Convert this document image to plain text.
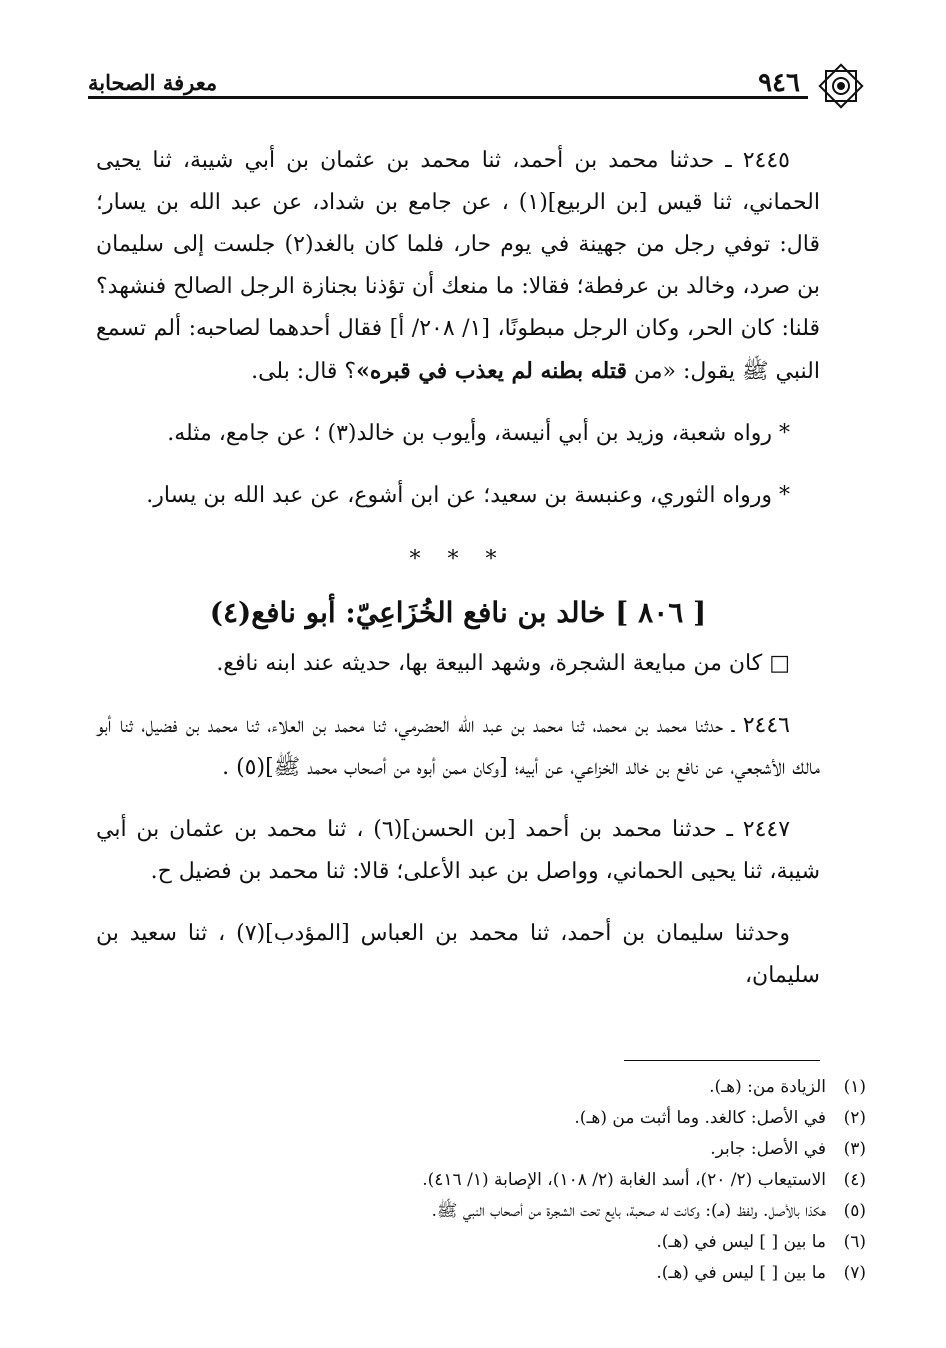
٩٤٦
معرفة الصحابة

٢٤٤٥ ـ حدثنا محمد بن أحمد، ثنا محمد بن عثمان بن أبي شيبة، ثنا يحيى الحماني، ثنا قيس [بن الربيع](١) ، عن جامع بن شداد، عن عبد الله بن يسار؛ قال: توفي رجل من جهينة في يوم حار، فلما كان بالغد(٢) جلست إلى سليمان بن صرد، وخالد بن عرفطة؛ فقالا: ما منعك أن تؤذنا بجنازة الرجل الصالح فنشهد؟ قلنا: كان الحر، وكان الرجل مبطونًا، [١/ ٢٠٨/ أ] فقال أحدهما لصاحبه: ألم تسمع النبي ﷺ يقول: «من قتله بطنه لم يعذب في قبره»؟ قال: بلى.

* رواه شعبة، وزيد بن أبي أنيسة، وأيوب بن خالد(٣) ؛ عن جامع، مثله.

* ورواه الثوري، وعنبسة بن سعيد؛ عن ابن أشوع، عن عبد الله بن يسار.

* * *

[ ٨٠٦ ] خالد بن نافع الخُزَاعِيّ: أبو نافع(٤)

□ كان من مبايعة الشجرة، وشهد البيعة بها، حديثه عند ابنه نافع.

٢٤٤٦ ـ حدثنا محمد بن محمد، ثنا محمد بن عبد الله الحضرمي، ثنا محمد بن العلاء، ثنا محمد بن فضيل، ثنا أبو مالك الأشجعي، عن نافع بن خالد الخزاعي، عن أبيه؛ [وكان ممن أبوه من أصحاب محمد ﷺ](٥) .

٢٤٤٧ ـ حدثنا محمد بن أحمد [بن الحسن](٦) ، ثنا محمد بن عثمان بن أبي شيبة، ثنا يحيى الحماني، وواصل بن عبد الأعلى؛ قالا: ثنا محمد بن فضيل ح.

وحدثنا سليمان بن أحمد، ثنا محمد بن العباس [المؤدب](٧) ، ثنا سعيد بن سليمان،

(١)الزيادة من: (هـ).
(٢)في الأصل: كالغد. وما أثبت من (هـ).
(٣)في الأصل: جابر.
(٤)الاستيعاب (٢/ ٢٠)، أسد الغابة (٢/ ١٠٨)، الإصابة (١/ ٤١٦).
(٥)هكذا بالأصل. ولفظ (هـ): وكانت له صحبة، بايع تحت الشجرة من أصحاب النبي ﷺ.
(٦)ما بين [ ] ليس في (هـ).
(٧)ما بين [ ] ليس في (هـ).
